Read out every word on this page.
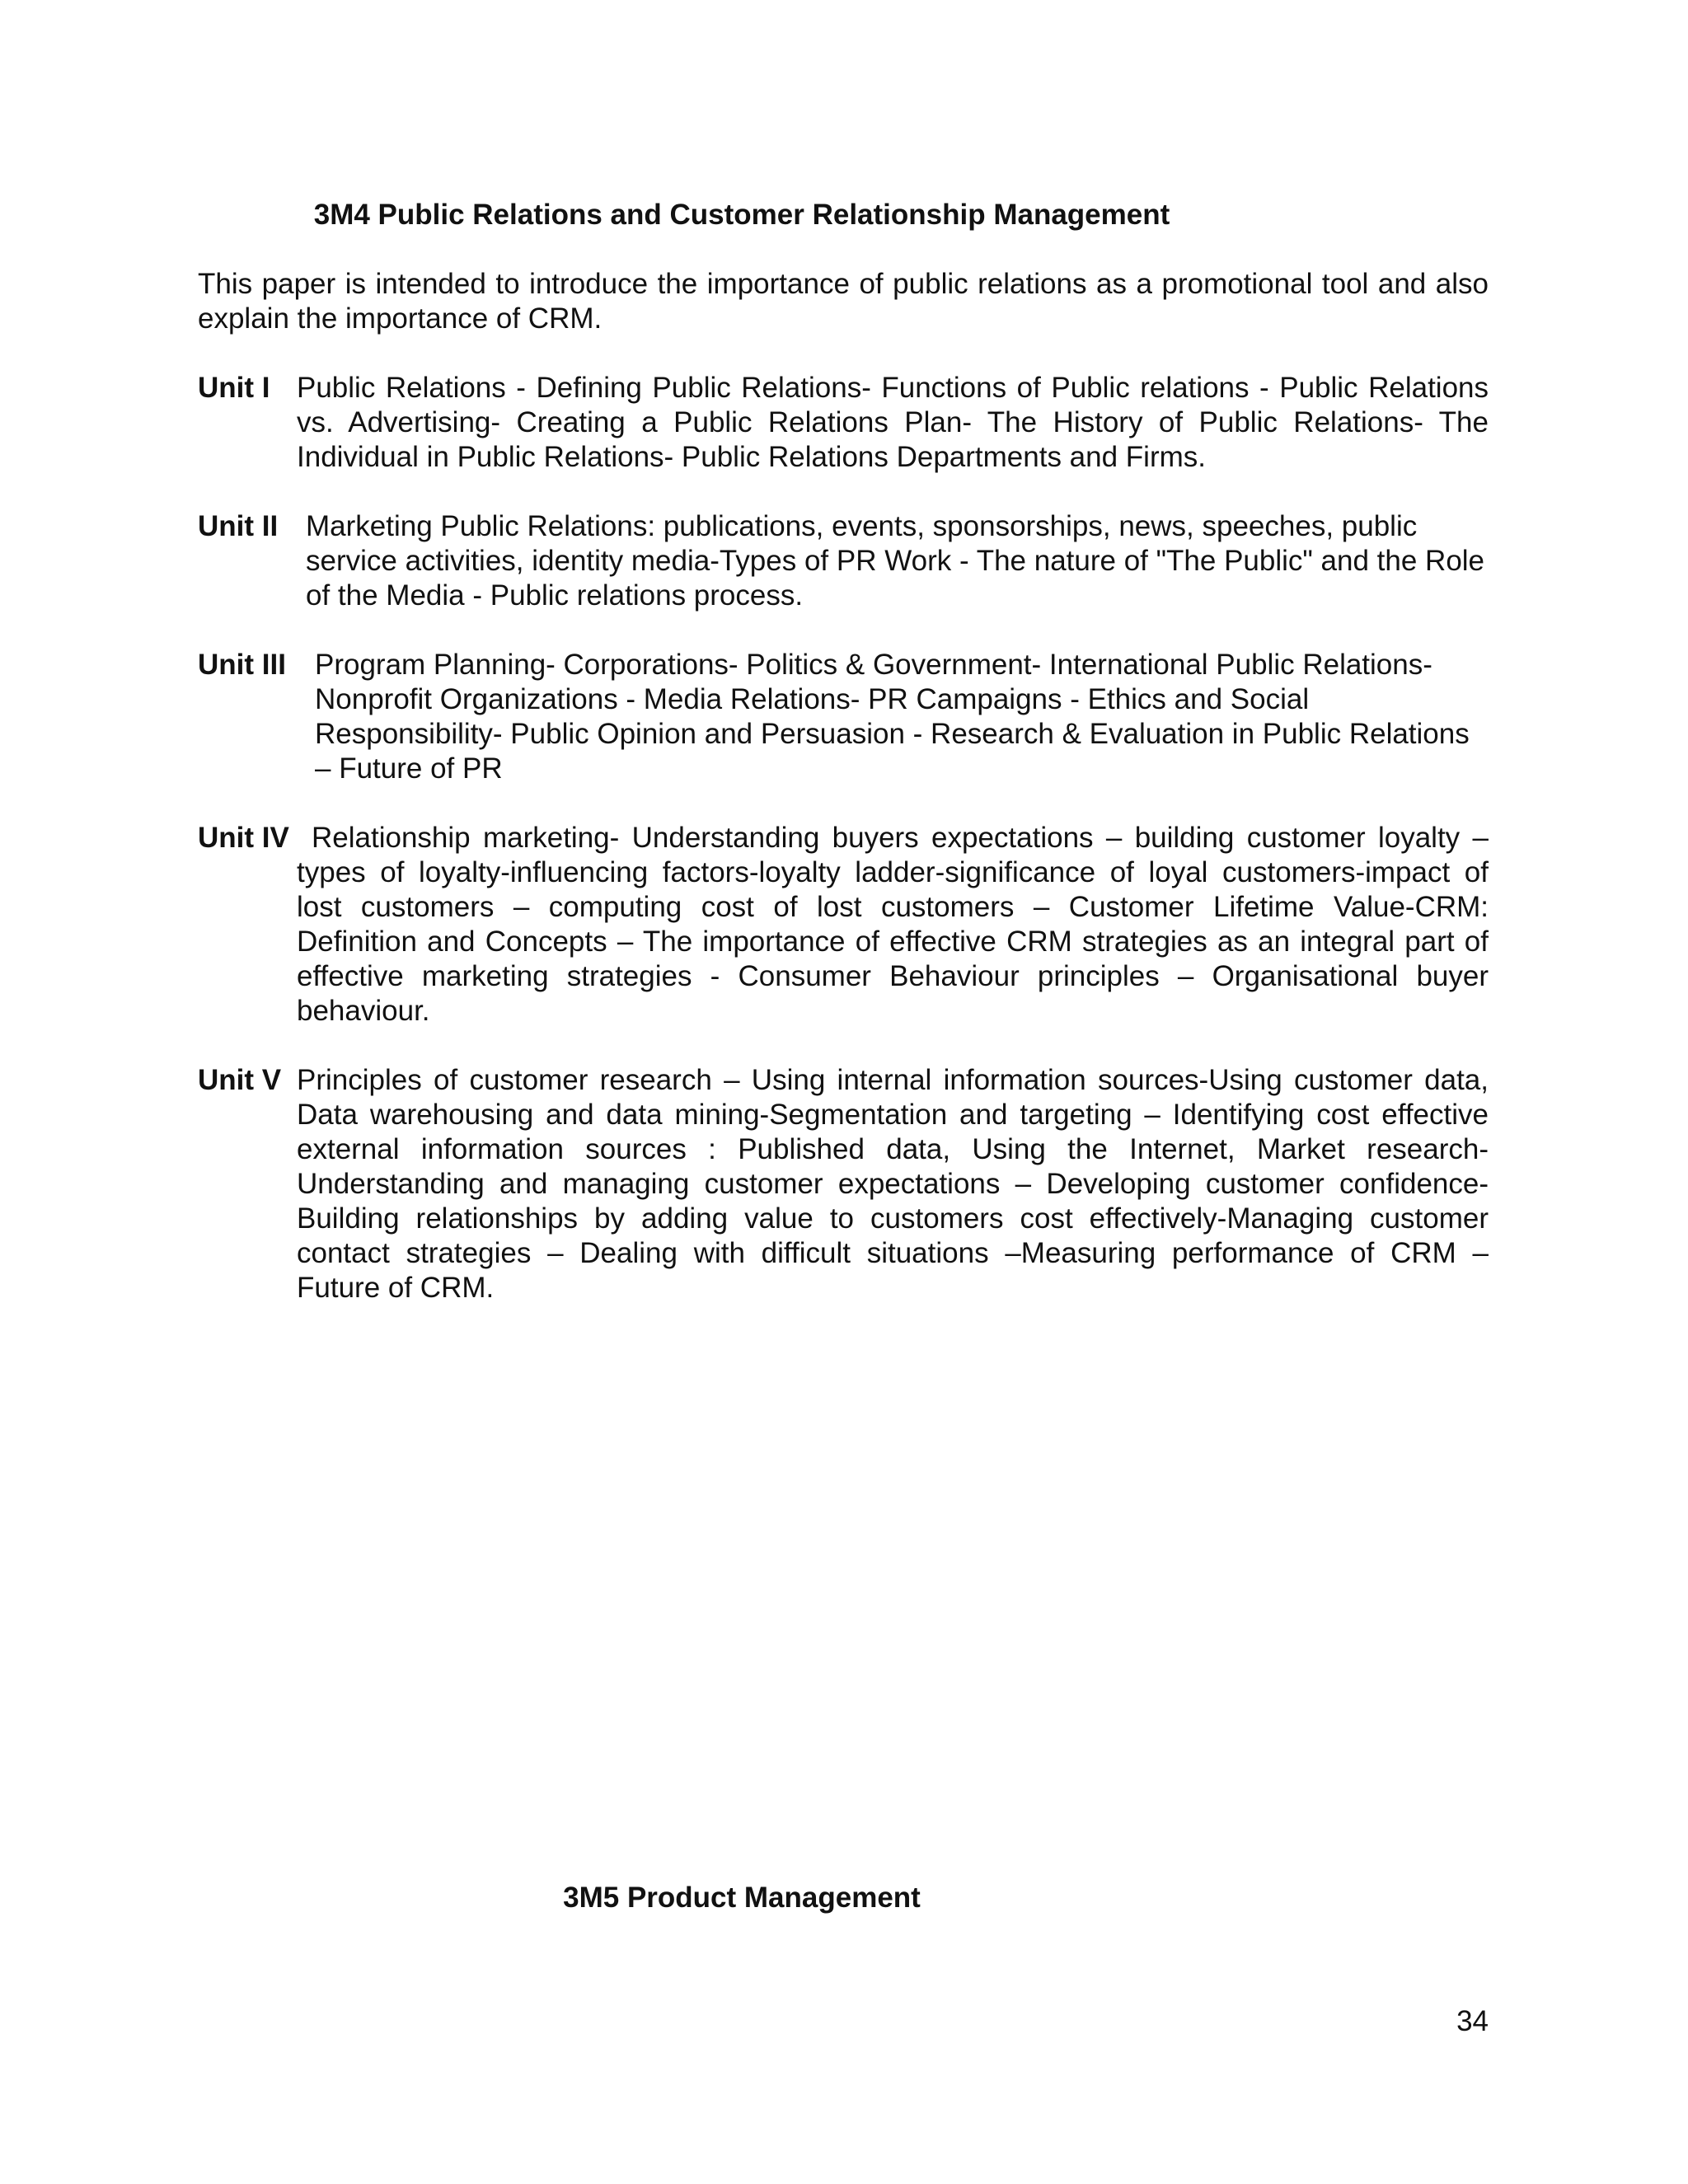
3M4 Public Relations and Customer Relationship Management
This paper is intended to introduce the importance of public relations as a promotional tool and also explain the importance of CRM.
Unit I Public Relations - Defining Public Relations- Functions of Public relations - Public Relations vs. Advertising- Creating a Public Relations Plan- The History of Public Relations- The Individual in Public Relations- Public Relations Departments and Firms.
Unit II Marketing Public Relations: publications, events, sponsorships, news, speeches, public service activities, identity media-Types of PR Work - The nature of "The Public" and the Role of the Media - Public relations process.
Unit III Program Planning- Corporations- Politics & Government- International Public Relations-Nonprofit Organizations - Media Relations- PR Campaigns - Ethics and Social Responsibility- Public Opinion and Persuasion - Research & Evaluation in Public Relations – Future of PR
Unit IV Relationship marketing- Understanding buyers expectations – building customer loyalty – types of loyalty-influencing factors-loyalty ladder-significance of loyal customers-impact of lost customers – computing cost of lost customers – Customer Lifetime Value-CRM: Definition and Concepts – The importance of effective CRM strategies as an integral part of effective marketing strategies - Consumer Behaviour principles – Organisational buyer behaviour.
Unit V Principles of customer research – Using internal information sources-Using customer data, Data warehousing and data mining-Segmentation and targeting – Identifying cost effective external information sources : Published data, Using the Internet, Market research- Understanding and managing customer expectations – Developing customer confidence- Building relationships by adding value to customers cost effectively-Managing customer contact strategies – Dealing with difficult situations –Measuring performance of CRM – Future of CRM.
3M5 Product Management
34
